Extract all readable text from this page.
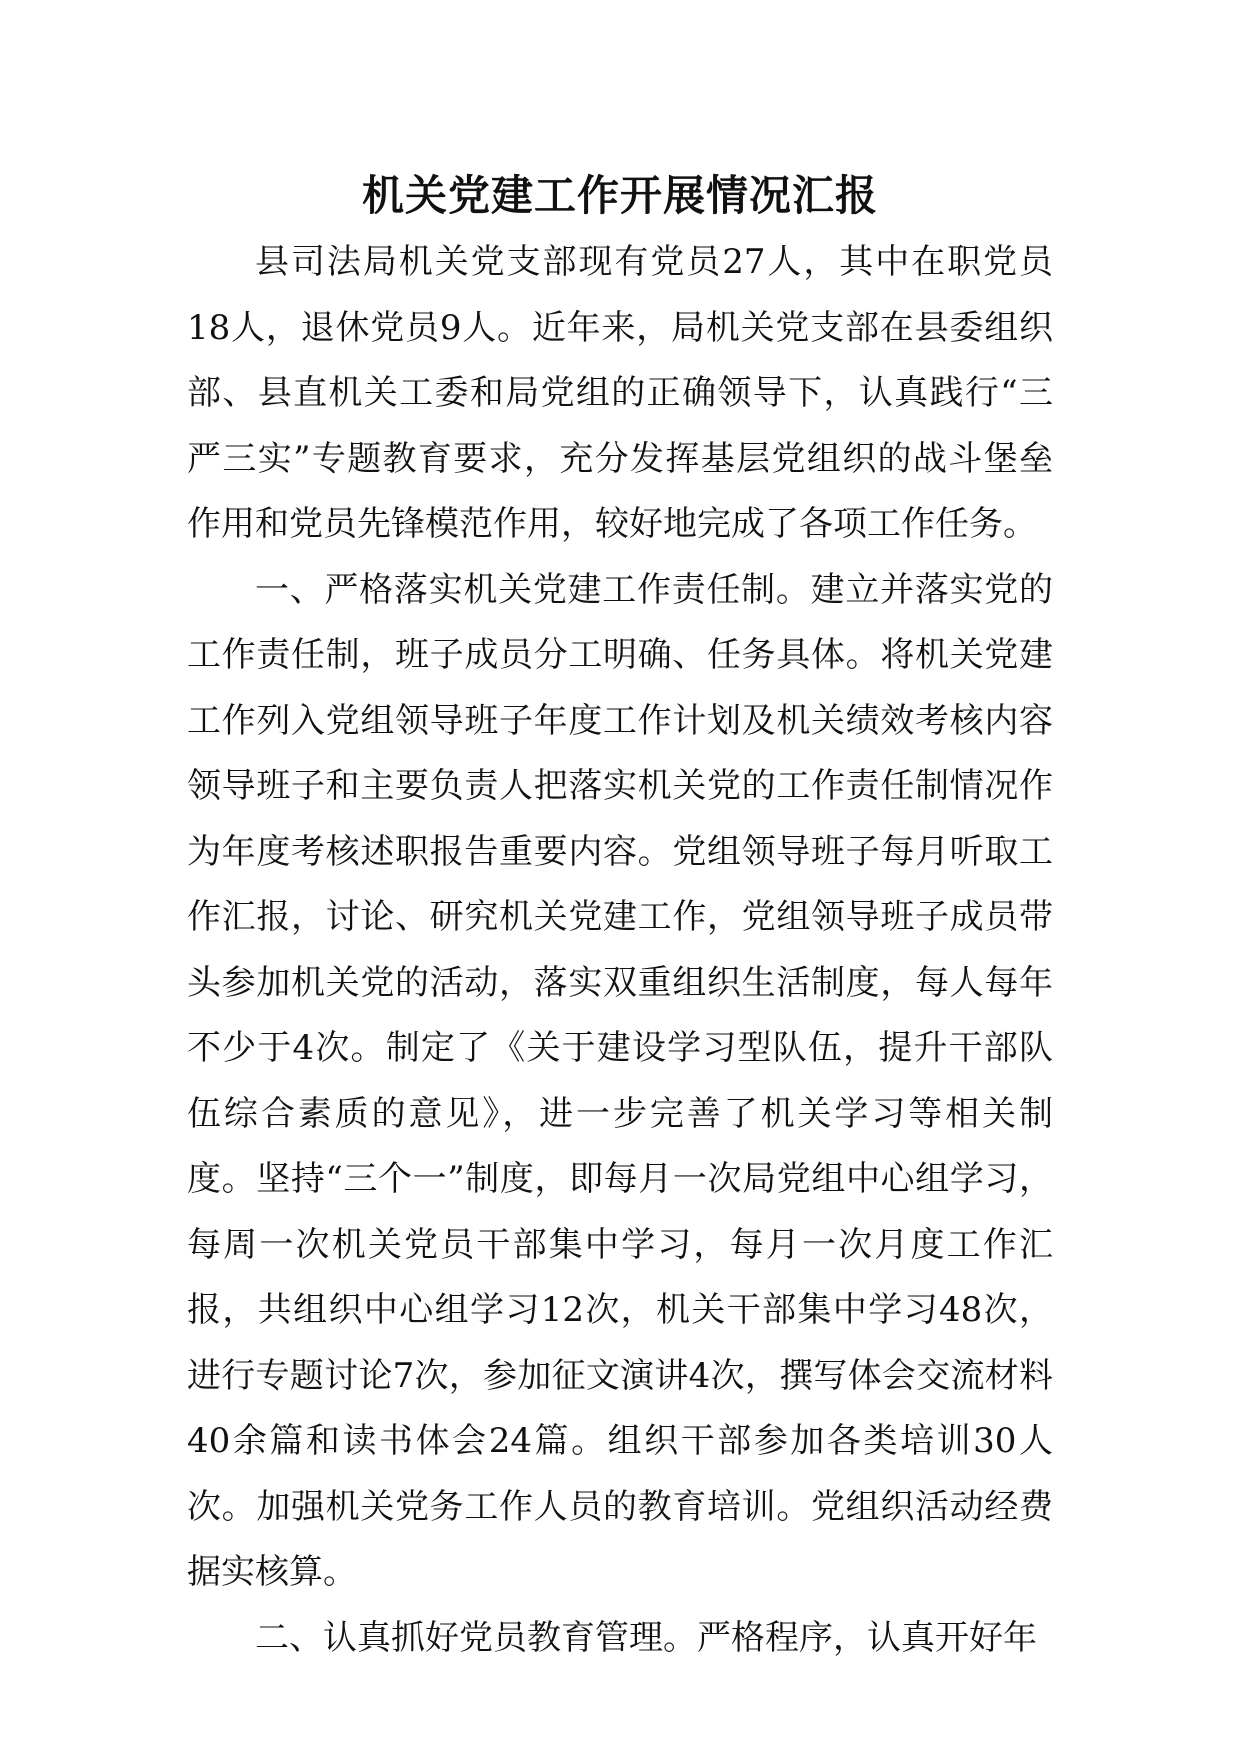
机关党建工作开展情况汇报

县司法局机关党支部现有党员27人，其中在职党员18人，退休党员9人。近年来，局机关党支部在县委组织部、县直机关工委和局党组的正确领导下，认真践行“三严三实”专题教育要求，充分发挥基层党组织的战斗堡垒作用和党员先锋模范作用，较好地完成了各项工作任务。

一、严格落实机关党建工作责任制。建立并落实党的工作责任制，班子成员分工明确、任务具体。将机关党建工作列入党组领导班子年度工作计划及机关绩效考核内容领导班子和主要负责人把落实机关党的工作责任制情况作为年度考核述职报告重要内容。党组领导班子每月听取工作汇报，讨论、研究机关党建工作，党组领导班子成员带头参加机关党的活动，落实双重组织生活制度，每人每年不少于4次。制定了《关于建设学习型队伍，提升干部队伍综合素质的意见》，进一步完善了机关学习等相关制度。坚持“三个一”制度，即每月一次局党组中心组学习，每周一次机关党员干部集中学习，每月一次月度工作汇报，共组织中心组学习12次，机关干部集中学习48次，进行专题讨论7次，参加征文演讲4次，撰写体会交流材料40余篇和读书体会24篇。组织干部参加各类培训30人次。加强机关党务工作人员的教育培训。党组织活动经费据实核算。

二、认真抓好党员教育管理。严格程序，认真开好年
